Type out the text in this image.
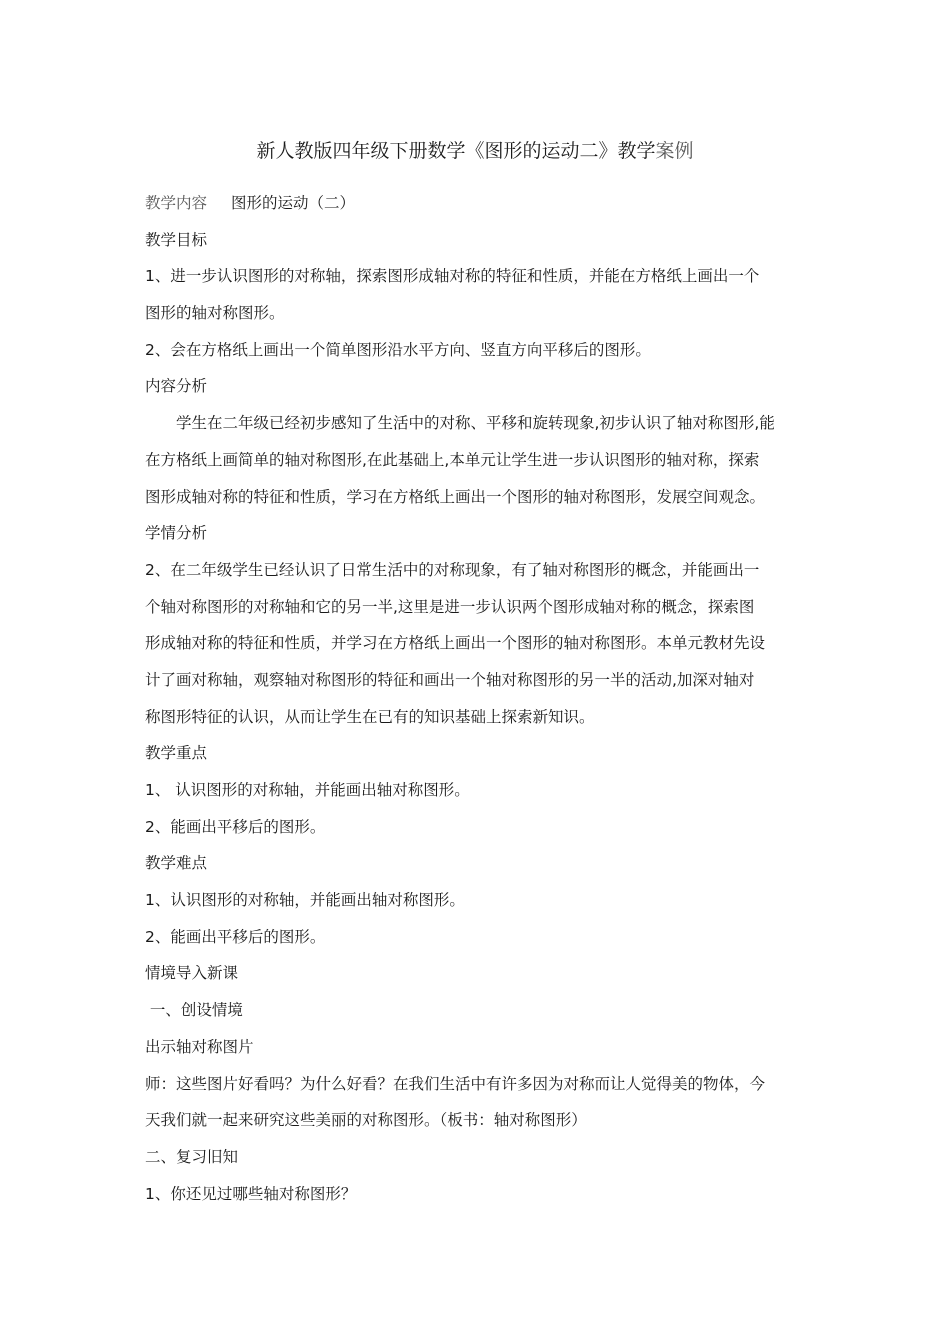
新人教版四年级下册数学《图形的运动二》教学案例
教学内容 图形的运动（二）
教学目标
1、进一步认识图形的对称轴，探索图形成轴对称的特征和性质，并能在方格纸上画出一个
图形的轴对称图形。
2、会在方格纸上画出一个简单图形沿水平方向、竖直方向平移后的图形。
内容分析
学生在二年级已经初步感知了生活中的对称、平移和旋转现象,初步认识了轴对称图形,能
在方格纸上画简单的轴对称图形,在此基础上,本单元让学生进一步认识图形的轴对称，探索
图形成轴对称的特征和性质，学习在方格纸上画出一个图形的轴对称图形，发展空间观念。
学情分析
2、在二年级学生已经认识了日常生活中的对称现象，有了轴对称图形的概念，并能画出一
个轴对称图形的对称轴和它的另一半,这里是进一步认识两个图形成轴对称的概念，探索图
形成轴对称的特征和性质，并学习在方格纸上画出一个图形的轴对称图形。本单元教材先设
计了画对称轴，观察轴对称图形的特征和画出一个轴对称图形的另一半的活动,加深对轴对
称图形特征的认识，从而让学生在已有的知识基础上探索新知识。
教学重点
1、 认识图形的对称轴，并能画出轴对称图形。
2、能画出平移后的图形。
教学难点
1、认识图形的对称轴，并能画出轴对称图形。
2、能画出平移后的图形。
情境导入新课
一、创设情境
出示轴对称图片
师：这些图片好看吗？为什么好看？在我们生活中有许多因为对称而让人觉得美的物体，今
天我们就一起来研究这些美丽的对称图形。（板书：轴对称图形）
二、复习旧知
1、你还见过哪些轴对称图形？
